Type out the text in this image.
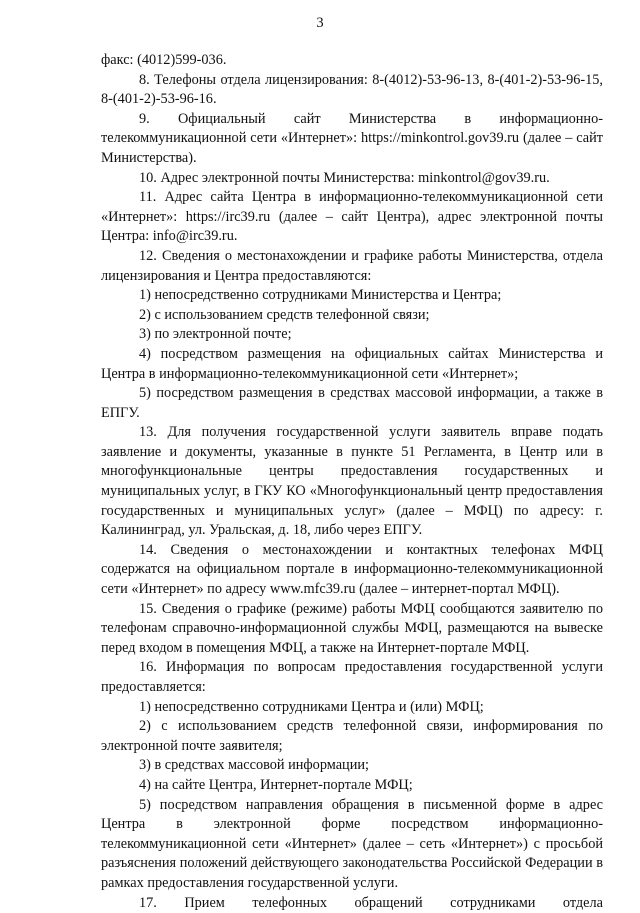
3

факс: (4012)599-036.

8. Телефоны отдела лицензирования: 8-(4012)-53-96-13, 8-(401-2)-53-96-15, 8-(401-2)-53-96-16.

9. Официальный сайт Министерства в информационно-телекоммуникационной сети «Интернет»: https://minkontrol.gov39.ru (далее – сайт Министерства).

10. Адрес электронной почты Министерства: minkontrol@gov39.ru.

11. Адрес сайта Центра в информационно-телекоммуникационной сети «Интернет»: https://irc39.ru (далее – сайт Центра), адрес электронной почты Центра: info@irc39.ru.

12. Сведения о местонахождении и графике работы Министерства, отдела лицензирования и Центра предоставляются:

1) непосредственно сотрудниками Министерства и Центра;

2) с использованием средств телефонной связи;

3) по электронной почте;

4) посредством размещения на официальных сайтах Министерства и Центра в информационно-телекоммуникационной сети «Интернет»;

5) посредством размещения в средствах массовой информации, а также в ЕПГУ.

13. Для получения государственной услуги заявитель вправе подать заявление и документы, указанные в пункте 51 Регламента, в Центр или в многофункциональные центры предоставления государственных и муниципальных услуг, в ГКУ КО «Многофункциональный центр предоставления государственных и муниципальных услуг» (далее – МФЦ) по адресу: г. Калининград, ул. Уральская, д. 18, либо через ЕПГУ.

14. Сведения о местонахождении и контактных телефонах МФЦ содержатся на официальном портале в информационно-телекоммуникационной сети «Интернет» по адресу www.mfc39.ru (далее – интернет-портал МФЦ).

15. Сведения о графике (режиме) работы МФЦ сообщаются заявителю по телефонам справочно-информационной службы МФЦ, размещаются на вывеске перед входом в помещения МФЦ, а также на Интернет-портале МФЦ.

16. Информация по вопросам предоставления государственной услуги предоставляется:

1) непосредственно сотрудниками Центра и (или) МФЦ;

2) с использованием средств телефонной связи, информирования по электронной почте заявителя;

3) в средствах массовой информации;

4) на сайте Центра, Интернет-портале МФЦ;

5) посредством направления обращения в письменной форме в адрес Центра в электронной форме посредством информационно-телекоммуникационной сети «Интернет» (далее – сеть «Интернет») с просьбой разъяснения положений действующего законодательства Российской Федерации в рамках предоставления государственной услуги.

17. Прием телефонных обращений сотрудниками отдела
